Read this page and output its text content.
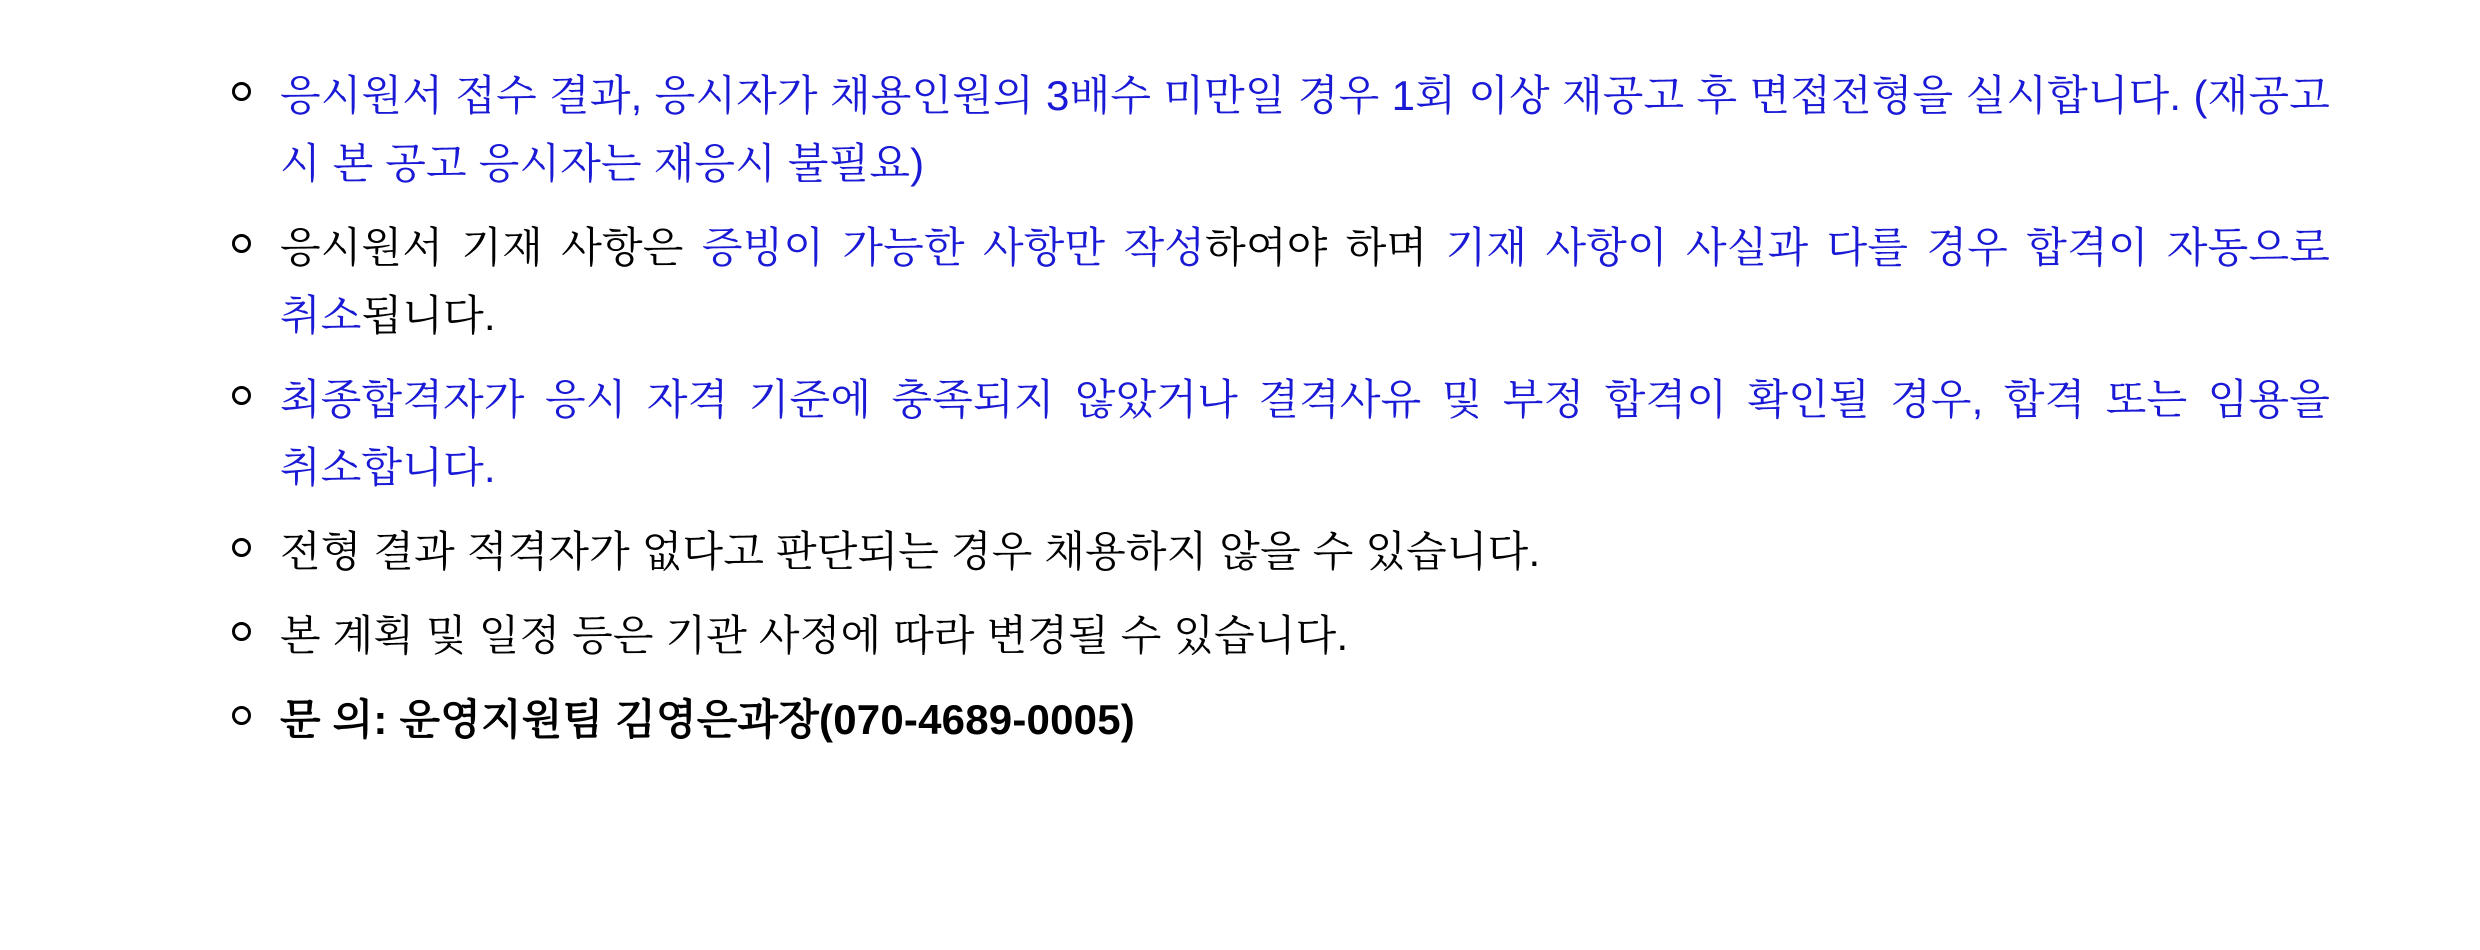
응시원서 접수 결과, 응시자가 채용인원의 3배수 미만일 경우 1회 이상 재공고 후 면접전형을 실시합니다. (재공고 시 본 공고 응시자는 재응시 불필요)
응시원서 기재 사항은 증빙이 가능한 사항만 작성하여야 하며 기재 사항이 사실과 다를 경우 합격이 자동으로 취소됩니다.
최종합격자가 응시 자격 기준에 충족되지 않았거나 결격사유 및 부정 합격이 확인될 경우, 합격 또는 임용을 취소합니다.
전형 결과 적격자가 없다고 판단되는 경우 채용하지 않을 수 있습니다.
본 계획 및 일정 등은 기관 사정에 따라 변경될 수 있습니다.
문 의: 운영지원팀 김영은과장(070-4689-0005)
